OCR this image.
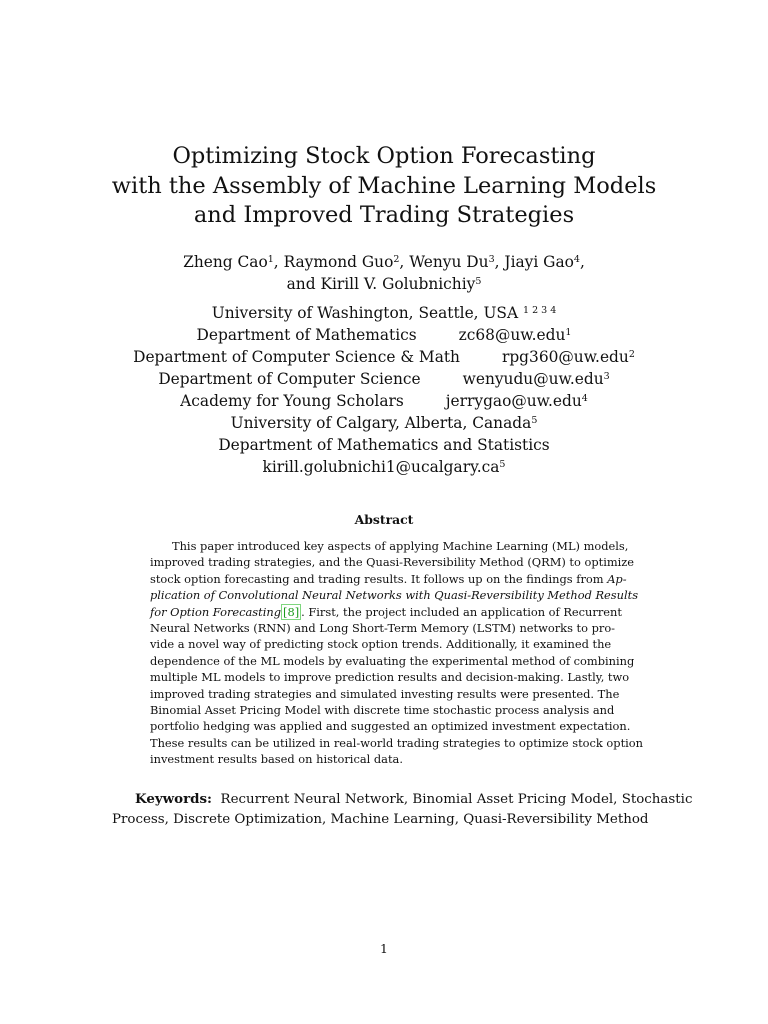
Optimizing Stock Option Forecasting
with the Assembly of Machine Learning Models
and Improved Trading Strategies
Zheng Cao$^1$, Raymond Guo$^2$, Wenyu Du$^3$, Jiayi Gao$^4$,
and Kirill V. Golubnichiy$^5$
University of Washington, Seattle, USA $^{1 2 3 4}$
Department of Mathematics	zc68@uw.edu$^1$
Department of Computer Science & Math	rpg360@uw.edu$^2$
Department of Computer Science	wenyudu@uw.edu$^3$
Academy for Young Scholars	jerrygao@uw.edu$^4$
University of Calgary, Alberta, Canada$^5$
Department of Mathematics and Statistics
$kirill.golubnichi1@ucalgary.ca^5$
Abstract
This paper introduced key aspects of applying Machine Learning (ML) models,
improved trading strategies, and the Quasi-Reversibility Method (QRM) to optimize
stock option forecasting and trading results. It follows up on the findings from Ap-
plication of Convolutional Neural Networks with Quasi-Reversibility Method Results
for Option Forecasting [8] . First, the project included an application of Recurrent
Neural Networks (RNN) and Long Short-Term Memory (LSTM) networks to pro-
vide a novel way of predicting stock option trends. Additionally, it examined the
dependence of the ML models by evaluating the experimental method of combining
multiple ML models to improve prediction results and decision-making. Lastly, two
improved trading strategies and simulated investing results were presented. The
Binomial Asset Pricing Model with discrete time stochastic process analysis and
portfolio hedging was applied and suggested an optimized investment expectation.
These results can be utilized in real-world trading strategies to optimize stock option
investment results based on historical data.
Keywords: Recurrent Neural Network, Binomial Asset Pricing Model, Stochastic
Process, Discrete Optimization, Machine Learning, Quasi-Reversibility Method
1
